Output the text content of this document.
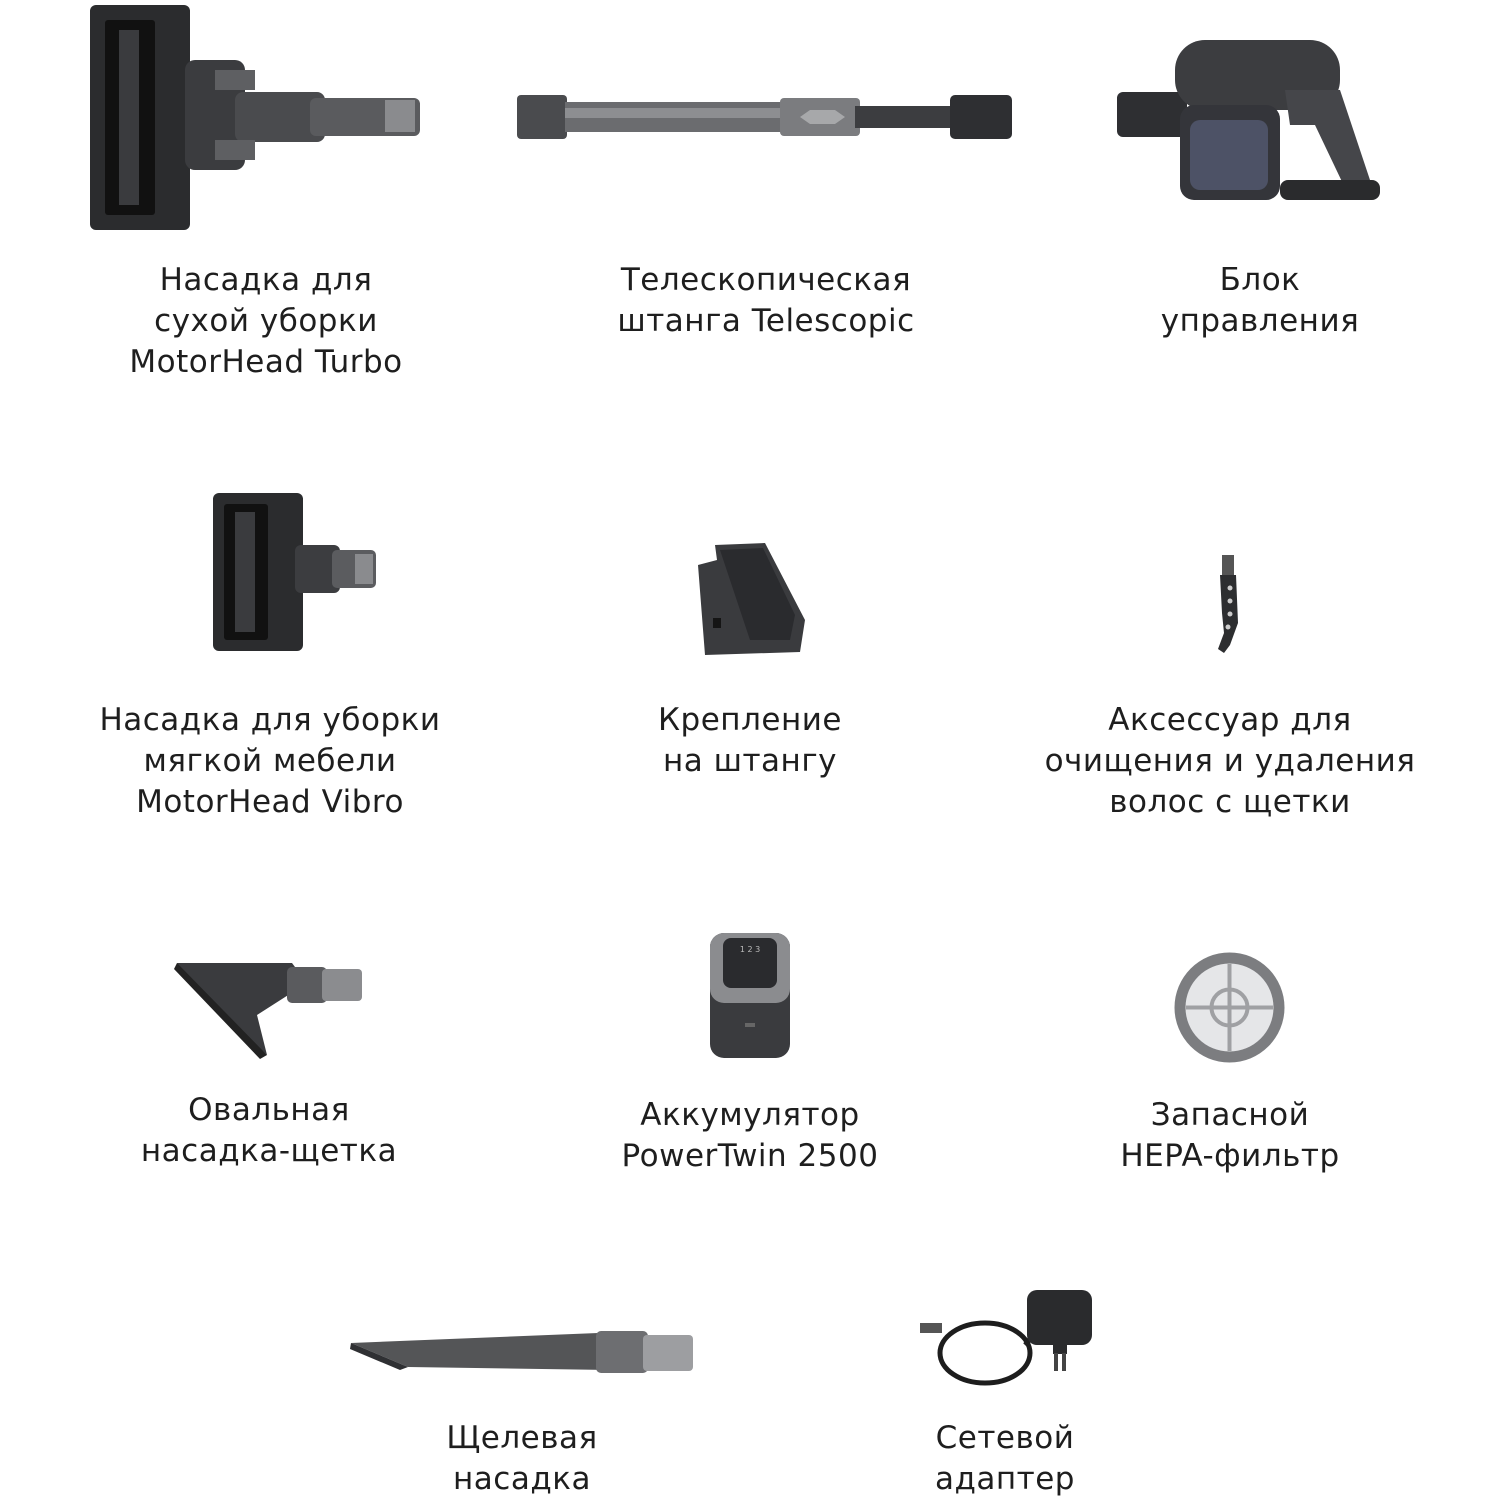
Насадка для
сухой уборки
MotorHead Turbo
Телескопическая
штанга Telescopic
Блок
управления
Насадка для уборки
мягкой мебели
MotorHead Vibro
Крепление
на штангу
Аксессуар для
очищения и удаления
волос с щетки
Овальная
насадка-щетка
1 2 3
Аккумулятор
PowerTwin 2500
Запасной
HEPA-фильтр
Щелевая
насадка
Сетевой
адаптер
